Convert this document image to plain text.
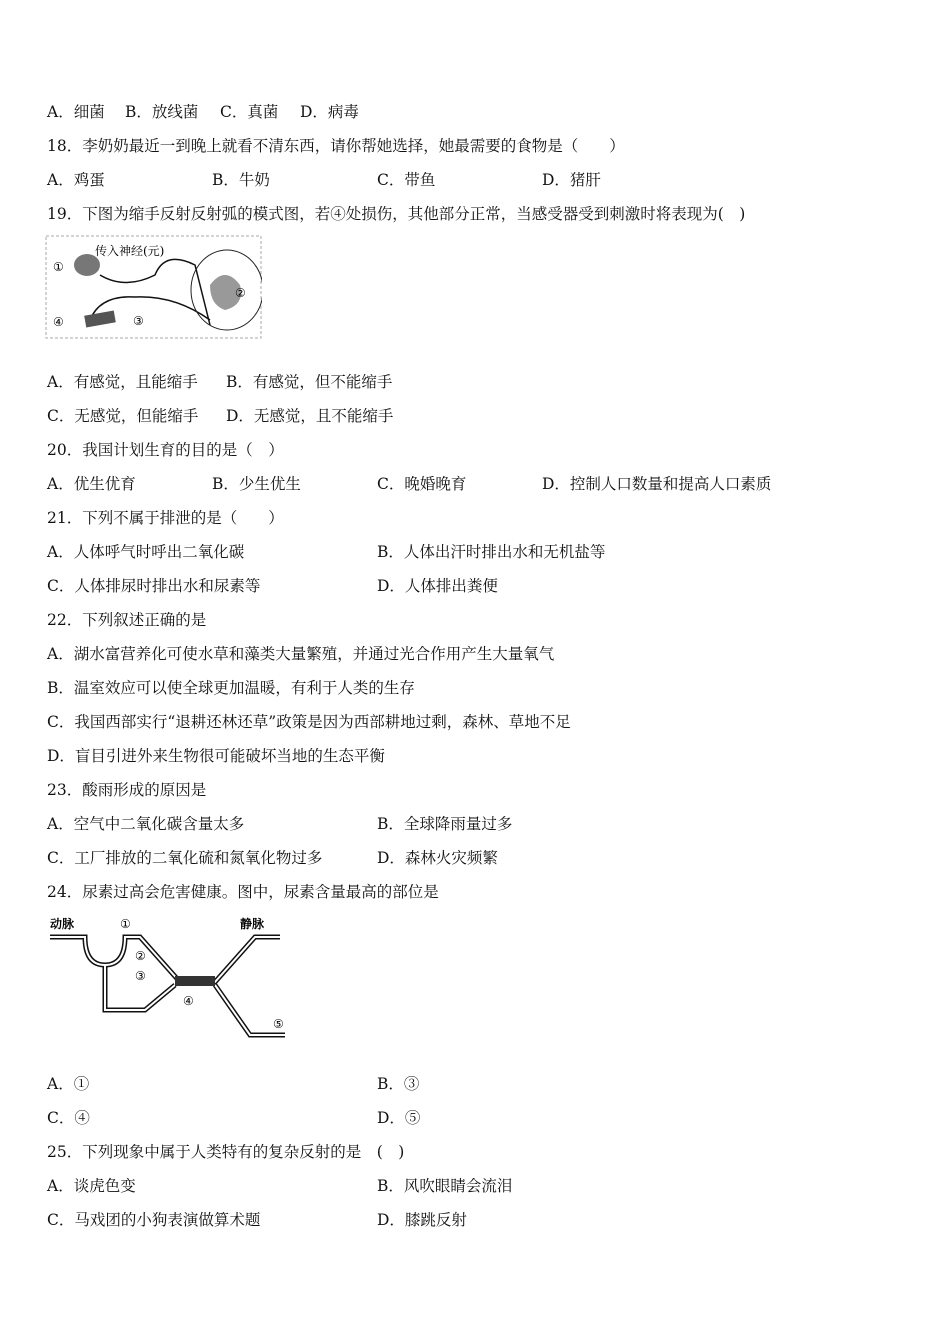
A．细菌 B．放线菌 C．真菌 D．病毒
18．李奶奶最近一到晚上就看不清东西，请你帮她选择，她最需要的食物是（　　）
A．鸡蛋	B．牛奶	C．带鱼	D．猪肝
19．下图为缩手反射反射弧的模式图，若④处损伤，其他部分正常，当感受器受到刺激时将表现为(　)
传入神经(元)
①
②
③
④
A．有感觉，且能缩手 B．有感觉，但不能缩手
C．无感觉，但能缩手 D．无感觉，且不能缩手
20．我国计划生育的目的是（　）
A．优生优育	B．少生优生	C．晚婚晚育	D．控制人口数量和提高人口素质
21．下列不属于排泄的是（　　）
A．人体呼气时呼出二氧化碳	B．人体出汗时排出水和无机盐等
C．人体排尿时排出水和尿素等	D．人体排出粪便
22．下列叙述正确的是
A．湖水富营养化可使水草和藻类大量繁殖，并通过光合作用产生大量氧气
B．温室效应可以使全球更加温暖，有利于人类的生存
C．我国西部实行“退耕还林还草”政策是因为西部耕地过剩，森林、草地不足
D．盲目引进外来生物很可能破坏当地的生态平衡
23．酸雨形成的原因是
A．空气中二氧化碳含量太多	B．全球降雨量过多
C．工厂排放的二氧化硫和氮氧化物过多	D．森林火灾频繁
24．尿素过高会危害健康。图中，尿素含量最高的部位是
动脉	静脉
①
②
③
④
⑤
A．①	B．③
C．④	D．⑤
25．下列现象中属于人类特有的复杂反射的是　(　)
A．谈虎色变	B．风吹眼睛会流泪
C．马戏团的小狗表演做算术题	D．膝跳反射
